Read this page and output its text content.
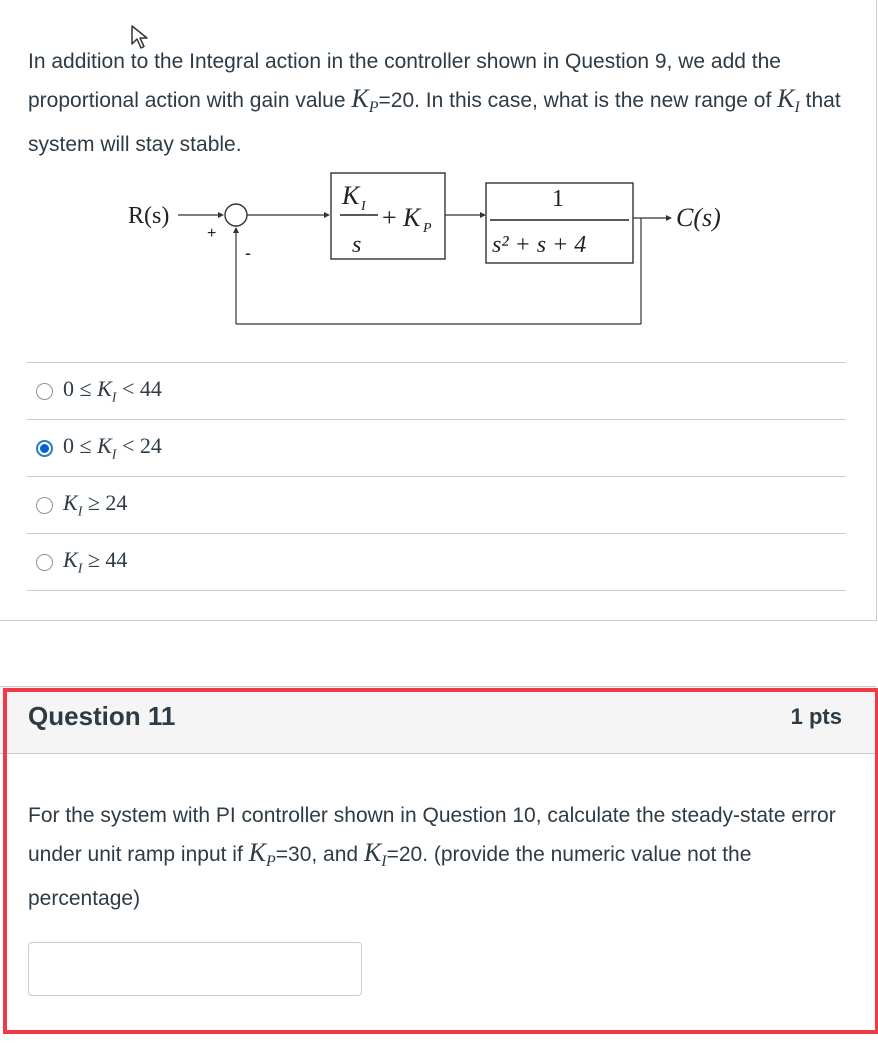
In addition to the Integral action in the controller shown in Question 9, we add the proportional action with gain value $K_P=20$. In this case, what is the new range of $K_I$ that system will stay stable.
R(s)
+
-
K I
s
+ K P
1
s² + s + 4
C(s)
$0 \le K_I < 44$
$0 \le K_I < 24$
$K_I \ge 24$
$K_I \ge 44$
Question 11	1 pts
For the system with PI controller shown in Question 10, calculate the steady-state error under unit ramp input if $K_P=30$, and $K_I=20$. (provide the numeric value not the percentage)
